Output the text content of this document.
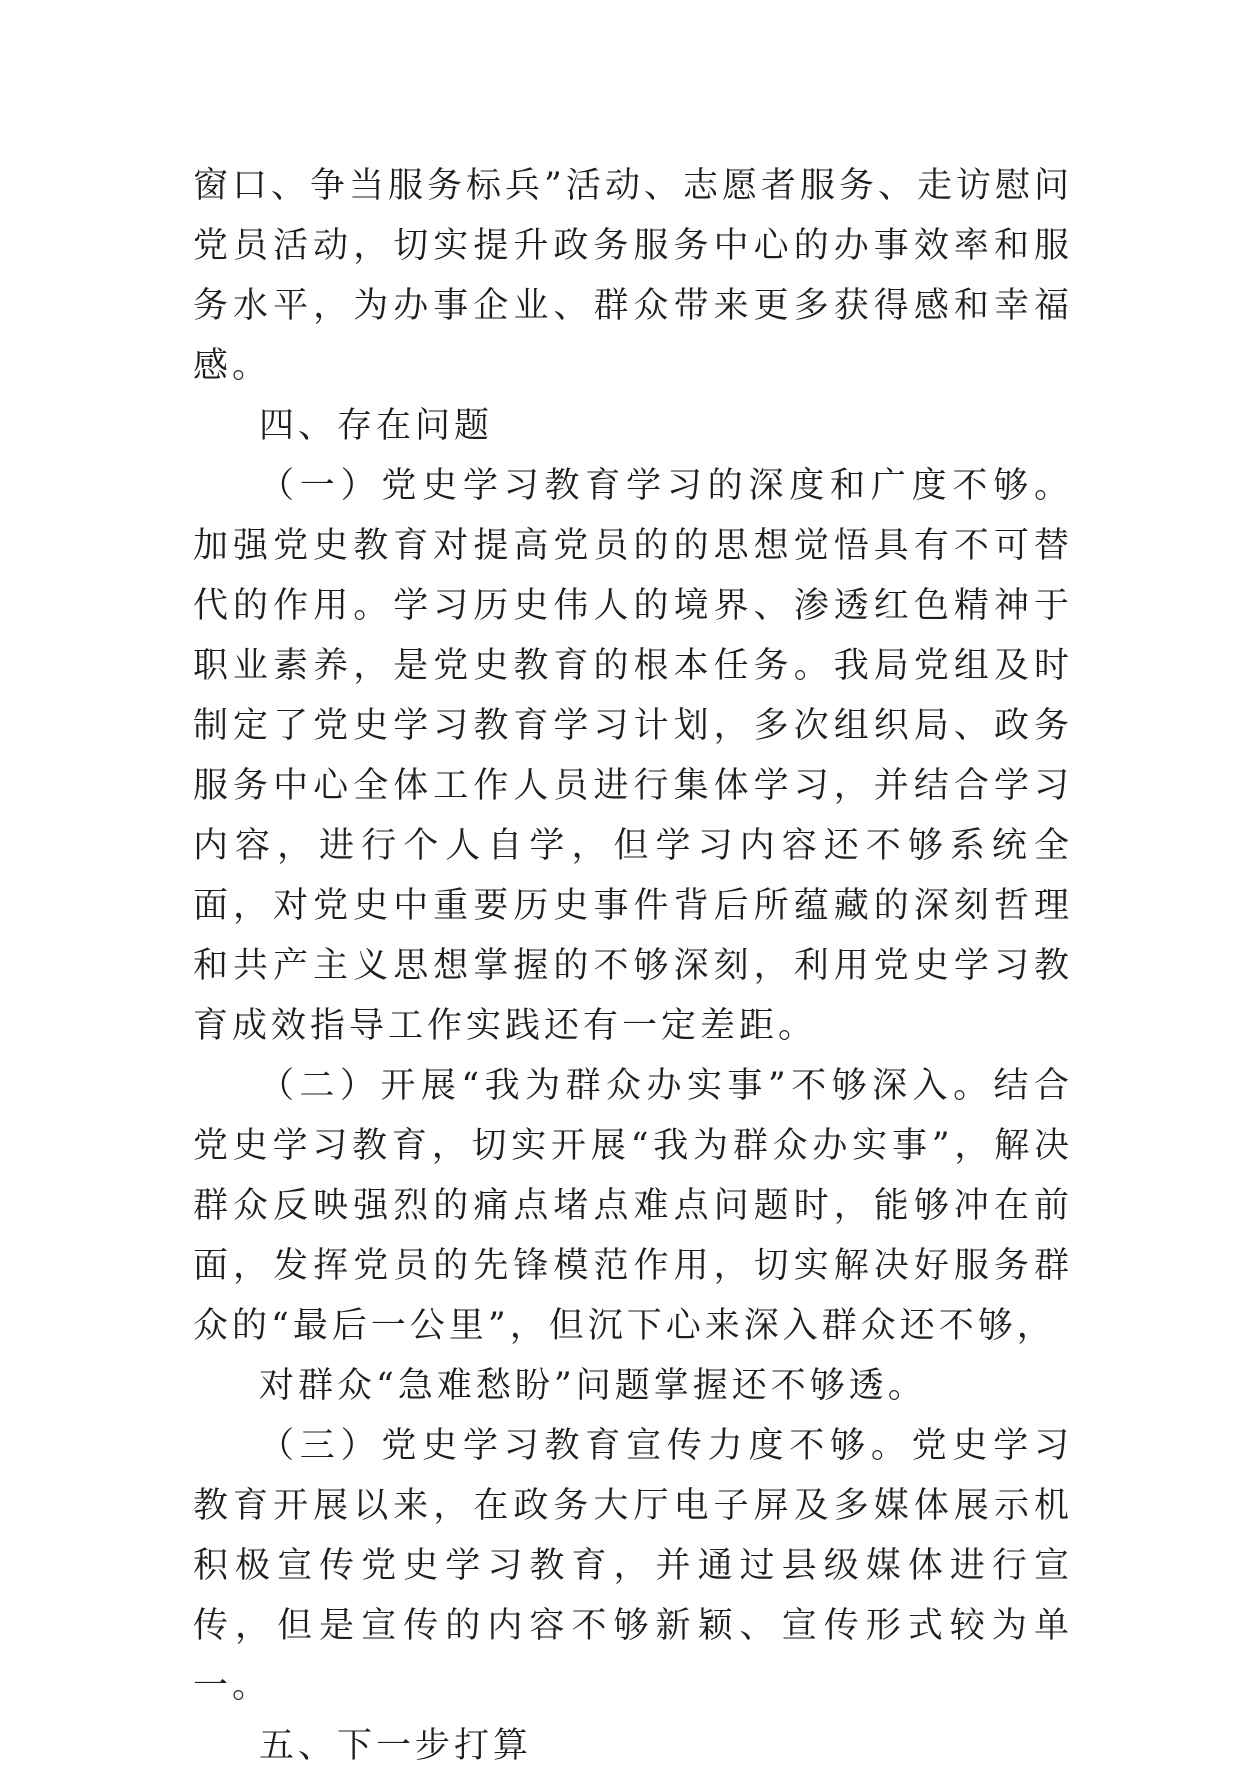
窗口、争当服务标兵”活动、志愿者服务、走访慰问党员活动，切实提升政务服务中心的办事效率和服务水平，为办事企业、群众带来更多获得感和幸福感。

四、存在问题

（一）党史学习教育学习的深度和广度不够。加强党史教育对提高党员的的思想觉悟具有不可替代的作用。学习历史伟人的境界、渗透红色精神于职业素养，是党史教育的根本任务。我局党组及时制定了党史学习教育学习计划，多次组织局、政务服务中心全体工作人员进行集体学习，并结合学习内容，进行个人自学，但学习内容还不够系统全面，对党史中重要历史事件背后所蕴藏的深刻哲理和共产主义思想掌握的不够深刻，利用党史学习教育成效指导工作实践还有一定差距。

（二）开展“我为群众办实事”不够深入。结合党史学习教育，切实开展“我为群众办实事”，解决群众反映强烈的痛点堵点难点问题时，能够冲在前面，发挥党员的先锋模范作用，切实解决好服务群众的“最后一公里”，但沉下心来深入群众还不够，

对群众“急难愁盼”问题掌握还不够透。

（三）党史学习教育宣传力度不够。党史学习教育开展以来，在政务大厅电子屏及多媒体展示机积极宣传党史学习教育，并通过县级媒体进行宣传，但是宣传的内容不够新颖、宣传形式较为单一。

五、下一步打算
